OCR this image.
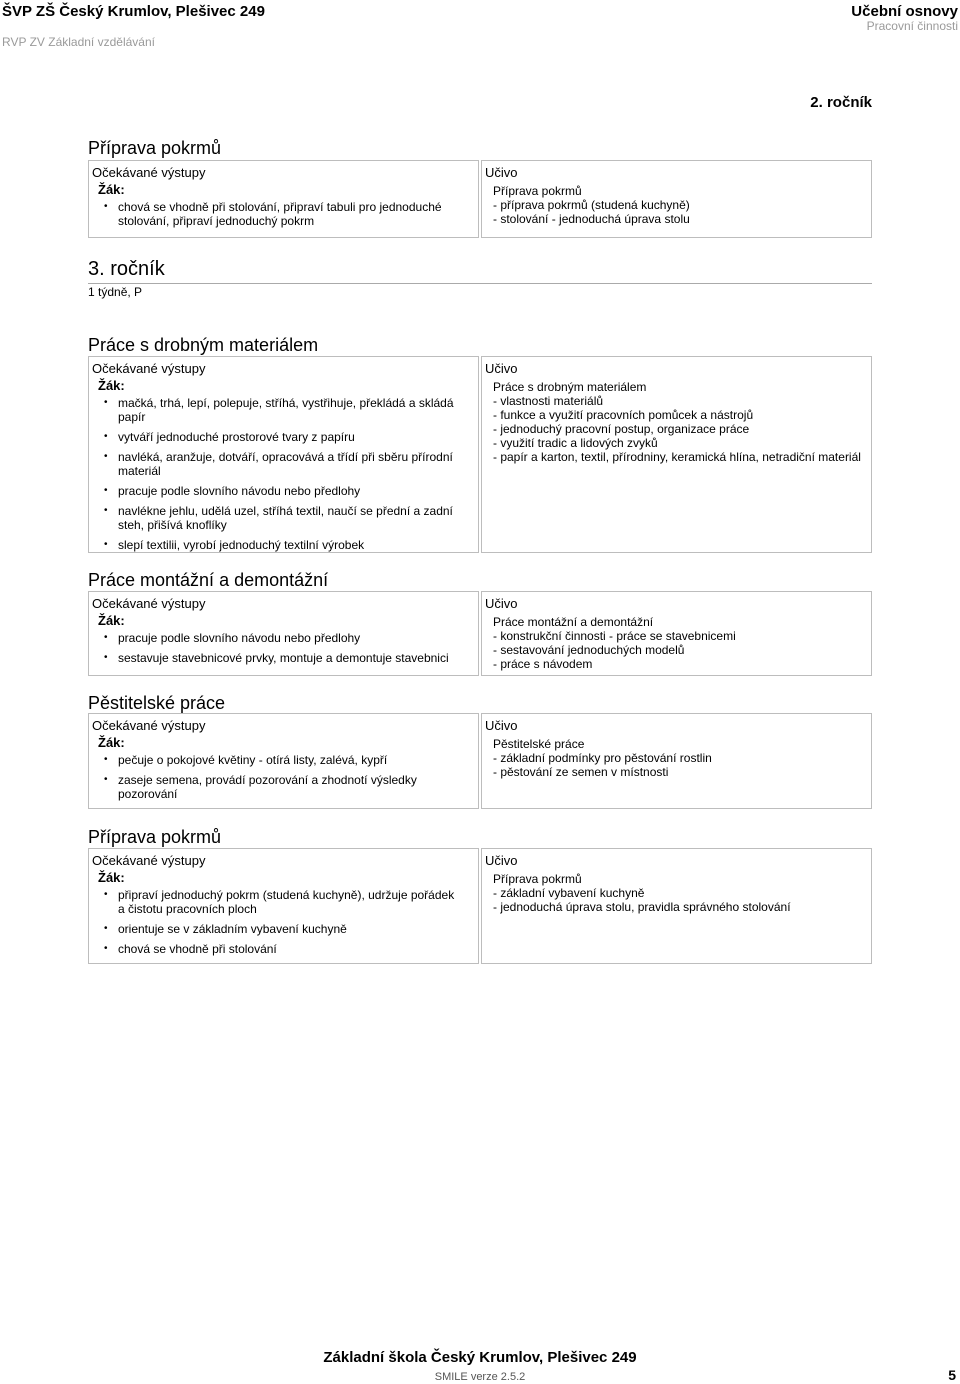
ŠVP ZŠ Český Krumlov, Plešivec 249
RVP ZV Základní vzdělávání
Učební osnovy
Pracovní činnosti
2. ročník
Příprava pokrmů
Očekávané výstupy
Žák:
• chová se vhodně při stolování, připraví tabuli pro jednoduché stolování, připraví jednoduchý pokrm
Učivo
Příprava pokrmů
- příprava pokrmů (studená kuchyně)
- stolování - jednoduchá úprava stolu
3. ročník
1 týdně, P
Práce s drobným materiálem
Očekávané výstupy
Žák:
• mačká, trhá, lepí, polepuje, stříhá, vystřihuje, překládá a skládá papír
• vytváří jednoduché prostorové tvary z papíru
• navléká, aranžuje, dotváří, opracovává a třídí při sběru přírodní materiál
• pracuje podle slovního návodu nebo předlohy
• navlékne jehlu, udělá uzel, stříhá textil, naučí se přední a zadní steh, přišívá knoflíky
• slepí textilii, vyrobí jednoduchý textilní výrobek
Učivo
Práce s drobným materiálem
- vlastnosti materiálů
- funkce a využití pracovních pomůcek a nástrojů
- jednoduchý pracovní postup, organizace práce
- využití tradic a lidových zvyků
- papír a karton, textil, přírodniny, keramická hlína, netradiční materiál
Práce montážní a demontážní
Očekávané výstupy
Žák:
• pracuje podle slovního návodu nebo předlohy
• sestavuje stavebnicové prvky, montuje a demontuje stavebnici
Učivo
Práce montážní a demontážní
- konstrukční činnosti - práce se stavebnicemi
- sestavování jednoduchých modelů
- práce s návodem
Pěstitelské práce
Očekávané výstupy
Žák:
• pečuje o pokojové květiny - otírá listy, zalévá, kypří
• zaseje semena, provádí pozorování a zhodnotí výsledky pozorování
Učivo
Pěstitelské práce
- základní podmínky pro pěstování rostlin
- pěstování ze semen v místnosti
Příprava pokrmů
Očekávané výstupy
Žák:
• připraví jednoduchý pokrm (studená kuchyně), udržuje pořádek a čistotu pracovních ploch
• orientuje se v základním vybavení kuchyně
• chová se vhodně při stolování
Učivo
Příprava pokrmů
- základní vybavení kuchyně
- jednoduchá úprava stolu, pravidla správného stolování
Základní škola Český Krumlov, Plešivec 249
SMILE verze 2.5.2	5
